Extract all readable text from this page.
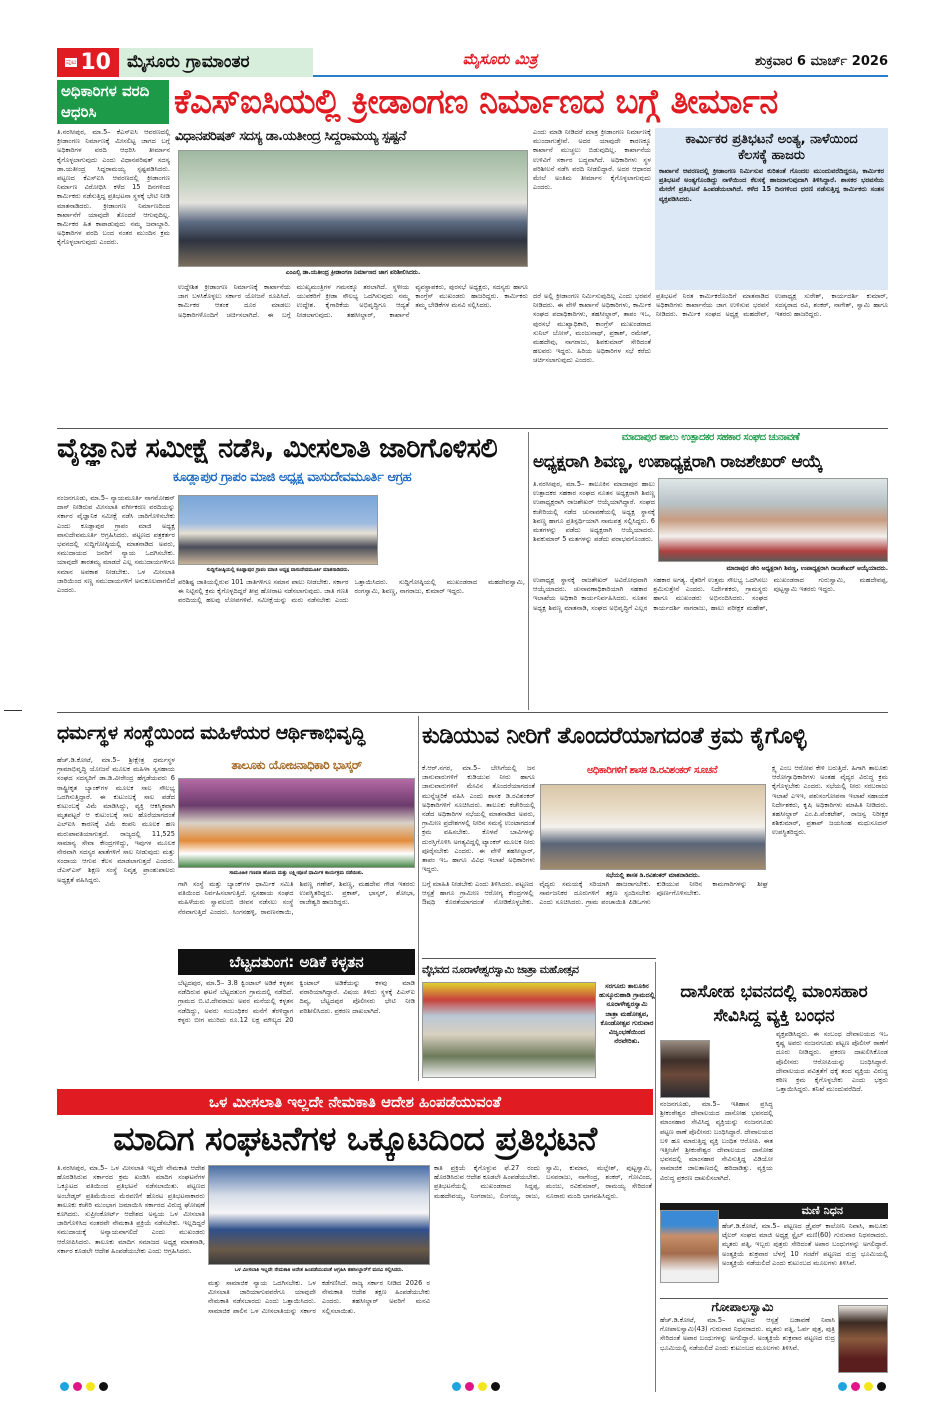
ಪುಟ 10 ಮೈಸೂರು ಗ್ರಾಮಾಂತರ	ಮೈಸೂರು ಮಿತ್ರ	ಶುಕ್ರವಾರ 6 ಮಾರ್ಚ್ 2026
ಅಧಿಕಾರಿಗಳ ವರದಿ ಆಧರಿಸಿ	ಕೆಎಸ್ಐಸಿಯಲ್ಲಿ ಕ್ರೀಡಾಂಗಣ ನಿರ್ಮಾಣದ ಬಗ್ಗೆ ತೀರ್ಮಾನ
ತಿ.ನರಸೀಪುರ, ಮಾ.5– ಕೆಎಸ್ಐಸಿ ಆವರಣದಲ್ಲಿ ಕ್ರೀಡಾಂಗಣ ನಿರ್ಮಾಣಕ್ಕೆ ಮೀಸಲಿಟ್ಟ ಜಾಗದ ಬಗ್ಗೆ ಅಧಿಕಾರಿಗಳ ವರದಿ ಆಧರಿಸಿ ತೀರ್ಮಾನ ಕೈಗೊಳ್ಳಲಾಗುವುದು ಎಂದು ವಿಧಾನಪರಿಷತ್ ಸದಸ್ಯ ಡಾ.ಯತೀಂದ್ರ ಸಿದ್ದರಾಮಯ್ಯ ಸ್ಪಷ್ಟಪಡಿಸಿದರು. ಪಟ್ಟಣದ ಕೆಎಸ್ಐಸಿ ಆವರಣದಲ್ಲಿ ಕ್ರೀಡಾಂಗಣ ನಿರ್ಮಾಣ ವಿರೋಧಿಸಿ ಕಳೆದ 15 ದಿನಗಳಿಂದ ಕಾರ್ಮಿಕರು ನಡೆಸುತ್ತಿದ್ದ ಪ್ರತಿಭಟನಾ ಸ್ಥಳಕ್ಕೆ ಭೇಟಿ ನೀಡಿ ಮಾತನಾಡಿದರು. ಕ್ರೀಡಾಂಗಣ ನಿರ್ಮಾಣದಿಂದ ಕಾರ್ಖಾನೆಗೆ ಯಾವುದೇ ತೊಂದರೆ ಆಗುವುದಿಲ್ಲ. ಕಾರ್ಮಿಕರ ಹಿತ ಕಾಪಾಡುವುದು ನಮ್ಮ ಜವಾಬ್ದಾರಿ. ಅಧಿಕಾರಿಗಳ ವರದಿ ಬಂದ ನಂತರ ಮುಂದಿನ ಕ್ರಮ ಕೈಗೊಳ್ಳಲಾಗುವುದು ಎಂದರು.
ವಿಧಾನಪರಿಷತ್ ಸದಸ್ಯ ಡಾ.ಯತೀಂದ್ರ ಸಿದ್ದರಾಮಯ್ಯ ಸ್ಪಷ್ಟನೆ
ಎಂಎಲ್ಸಿ ಡಾ.ಯತೀಂದ್ರ ಕ್ರೀಡಾಂಗಣ ನಿರ್ಮಾಣದ ಜಾಗ ಪರಿಶೀಲಿಸಿದರು.
ಉದ್ದೇಶಿತ ಕ್ರೀಡಾಂಗಣ ನಿರ್ಮಾಣಕ್ಕೆ ಕಾರ್ಖಾನೆಯ ಜಾಗ ಬಳಸಿಕೊಳ್ಳಲು ಸರ್ಕಾರ ಯೋಜನೆ ರೂಪಿಸಿದೆ. ಕಾರ್ಮಿಕರ ಆತಂಕ ದೂರ ಮಾಡಲು ಅಧಿಕಾರಿಗಳೊಂದಿಗೆ ಚರ್ಚಿಸಲಾಗಿದೆ. ಈ ಬಗ್ಗೆ ಮುಖ್ಯಮಂತ್ರಿಗಳ ಗಮನಕ್ಕೂ ತರಲಾಗಿದೆ. ಸ್ಥಳೀಯ ಯುವಕರಿಗೆ ಕ್ರೀಡಾ ಸೌಲಭ್ಯ ಒದಗಿಸುವುದು ನಮ್ಮ ಉದ್ದೇಶ. ಕೈಗಾರಿಕೆಯ ಅಭಿವೃದ್ಧಿಗೂ ಆದ್ಯತೆ ನೀಡಲಾಗುವುದು. ತಹಸೀಲ್ದಾರ್, ಕಾರ್ಖಾನೆ ವ್ಯವಸ್ಥಾಪಕರು, ಪುರಸಭೆ ಅಧ್ಯಕ್ಷರು, ಸದಸ್ಯರು ಹಾಗೂ ಕಾಂಗ್ರೆಸ್ ಮುಖಂಡರು ಹಾಜರಿದ್ದರು. ಕಾರ್ಮಿಕರು ತಮ್ಮ ಬೇಡಿಕೆಗಳ ಮನವಿ ಸಲ್ಲಿಸಿದರು.
ಎಂದು ಮಾಡಿ ನೀಡಿದರೆ ಮಾತ್ರ ಕ್ರೀಡಾಂಗಣ ನಿರ್ಮಾಣಕ್ಕೆ ಮುಂದಾಗುತ್ತೇವೆ. ಅದರ ಯಾವುದೇ ಕಾರಣಕ್ಕೂ ಕಾರ್ಖಾನೆ ಮುಚ್ಚಲು ಬಿಡುವುದಿಲ್ಲ. ಕಾರ್ಖಾನೆಯ ಉಳಿವಿಗೆ ಸರ್ಕಾರ ಬದ್ಧವಾಗಿದೆ. ಅಧಿಕಾರಿಗಳು ಸ್ಥಳ ಪರಿಶೀಲನೆ ನಡೆಸಿ ವರದಿ ನೀಡಲಿದ್ದಾರೆ. ಅದರ ಆಧಾರದ ಮೇಲೆ ಅಂತಿಮ ತೀರ್ಮಾನ ಕೈಗೊಳ್ಳಲಾಗುವುದು ಎಂದರು.
ಕಾರ್ಮಿಕರ ಪ್ರತಿಭಟನೆ ಅಂತ್ಯ, ನಾಳೆಯಿಂದ ಕೆಲಸಕ್ಕೆ ಹಾಜರು
ಕಾರ್ಖಾನೆ ಆವರಣದಲ್ಲಿ ಕ್ರೀಡಾಂಗಣ ನಿರ್ಮಿಸುವ ಕುರಿತಂತೆ ಗೊಂದಲ ಮುಂದುವರೆದಿದ್ದರೂ, ಕಾರ್ಮಿಕರ ಪ್ರತಿಭಟನೆ ಅಂತ್ಯಗೊಂಡಿದ್ದು ನಾಳೆಯಿಂದ ಕೆಲಸಕ್ಕೆ ಹಾಜರಾಗುವುದಾಗಿ ತಿಳಿಸಿದ್ದಾರೆ. ಶಾಸಕರ ಭರವಸೆಯ ಮೇರೆಗೆ ಪ್ರತಿಭಟನೆ ಹಿಂಪಡೆಯಲಾಗಿದೆ. ಕಳೆದ 15 ದಿನಗಳಿಂದ ಧರಣಿ ನಡೆಸುತ್ತಿದ್ದ ಕಾರ್ಮಿಕರು ಸಂತಸ ವ್ಯಕ್ತಪಡಿಸಿದರು.
ದರೆ ಅಲ್ಲಿ ಕ್ರೀಡಾಂಗಣ ನಿರ್ಮಿಸುವುದಿಲ್ಲ ಎಂದು ಭರವಸೆ ನೀಡಿದರು. ಈ ವೇಳೆ ಕಾರ್ಖಾನೆ ಅಧಿಕಾರಿಗಳು, ಕಾರ್ಮಿಕ ಸಂಘದ ಪದಾಧಿಕಾರಿಗಳು, ತಹಸೀಲ್ದಾರ್, ತಾಪಂ ಇಒ, ಪುರಸಭೆ ಮುಖ್ಯಾಧಿಕಾರಿ, ಕಾಂಗ್ರೆಸ್ ಮುಖಂಡರಾದ ಸುನಿಲ್ ಬೋಸ್, ಮಂಜುನಾಥ್, ಪ್ರಕಾಶ್, ರಮೇಶ್, ಮಹದೇವು, ನಾಗರಾಜು, ಶಿವಕುಮಾರ್ ಸೇರಿದಂತೆ ಹಲವರು ಇದ್ದರು. ಹಿರಿಯ ಅಧಿಕಾರಿಗಳ ಸಭೆ ಕರೆದು ಚರ್ಚಿಸಲಾಗುವುದು ಎಂದರು.
ಪ್ರತಿಭಟನೆ ನಿರತ ಕಾರ್ಮಿಕರೊಂದಿಗೆ ಮಾತನಾಡಿದ ಅಧಿಕಾರಿಗಳು ಕಾರ್ಖಾನೆಯ ಜಾಗ ಉಳಿಸುವ ಭರವಸೆ ನೀಡಿದರು. ಕಾರ್ಮಿಕ ಸಂಘದ ಅಧ್ಯಕ್ಷ ಮಹದೇವ್, ಉಪಾಧ್ಯಕ್ಷ ಸುರೇಶ್, ಕಾರ್ಯದರ್ಶಿ ಕುಮಾರ್, ಸದಸ್ಯರಾದ ರವಿ, ಶಂಕರ್, ನಾಗೇಶ್, ಸ್ವಾಮಿ ಹಾಗೂ ಇತರರು ಹಾಜರಿದ್ದರು.
ವೈಜ್ಞಾನಿಕ ಸಮೀಕ್ಷೆ ನಡೆಸಿ, ಮೀಸಲಾತಿ ಜಾರಿಗೊಳಿಸಲಿ
ಕೂಡ್ಲಾಪುರ ಗ್ರಾಪಂ ಮಾಜಿ ಅಧ್ಯಕ್ಷ ವಾಸುದೇವಮೂರ್ತಿ ಆಗ್ರಹ
ನಂಜನಗೂಡು, ಮಾ.5– ನ್ಯಾಯಮೂರ್ತಿ ನಾಗಮೋಹನ್ ದಾಸ್ ನೀಡಿರುವ ಮೀಸಲಾತಿ ವರ್ಗೀಕರಣ ವರದಿಯನ್ನು ಸರ್ಕಾರ ವೈಜ್ಞಾನಿಕ ಸಮೀಕ್ಷೆ ನಡೆಸಿ ಜಾರಿಗೊಳಿಸಬೇಕು ಎಂದು ಕೂಡ್ಲಾಪುರ ಗ್ರಾಪಂ ಮಾಜಿ ಅಧ್ಯಕ್ಷ ವಾಸುದೇವಮೂರ್ತಿ ಆಗ್ರಹಿಸಿದರು. ಪಟ್ಟಣದ ಪತ್ರಕರ್ತರ ಭವನದಲ್ಲಿ ಸುದ್ದಿಗೋಷ್ಠಿಯಲ್ಲಿ ಮಾತನಾಡಿದ ಅವರು, ಸಮುದಾಯದ ಜನರಿಗೆ ನ್ಯಾಯ ಒದಗಿಸಬೇಕು. ಯಾವುದೇ ತಾರತಮ್ಯ ಮಾಡದೆ ಎಲ್ಲ ಸಮುದಾಯಗಳಿಗೂ ಸಮಾನ ಅವಕಾಶ ನೀಡಬೇಕು. ಒಳ ಮೀಸಲಾತಿ ಜಾರಿಯಿಂದ ಸಣ್ಣ ಸಮುದಾಯಗಳಿಗೆ ಅನುಕೂಲವಾಗಲಿದೆ ಎಂದರು.
ಸುದ್ದಿಗೋಷ್ಠಿಯಲ್ಲಿ ಕೂಡ್ಲಾಪುರ ಗ್ರಾಪಂ ಮಾಜಿ ಅಧ್ಯಕ್ಷ ವಾಸುದೇವಮೂರ್ತಿ ಮಾತನಾಡಿದರು.
ಪರಿಶಿಷ್ಟ ಜಾತಿಯಲ್ಲಿರುವ 101 ಜಾತಿಗಳಿಗೂ ಸಮಾನ ಪಾಲು ನೀಡಬೇಕು. ಸರ್ಕಾರ ಈ ನಿಟ್ಟಿನಲ್ಲಿ ಕ್ರಮ ಕೈಗೊಳ್ಳದಿದ್ದರೆ ತೀವ್ರ ಹೋರಾಟ ನಡೆಸಲಾಗುವುದು. ಜಾತಿ ಗಣತಿ ವರದಿಯಲ್ಲಿ ಹಲವು ಲೋಪಗಳಿವೆ. ಸಮೀಕ್ಷೆಯನ್ನು ಮರು ನಡೆಸಬೇಕು ಎಂದು ಒತ್ತಾಯಿಸಿದರು. ಸುದ್ದಿಗೋಷ್ಠಿಯಲ್ಲಿ ಮುಖಂಡರಾದ ಮಹದೇವಸ್ವಾಮಿ, ರಂಗಸ್ವಾಮಿ, ಶಿವಣ್ಣ, ನಾಗರಾಜು, ಕುಮಾರ್ ಇದ್ದರು.
ಮಾದಾಪುರ ಹಾಲು ಉತ್ಪಾದಕರ ಸಹಕಾರ ಸಂಘದ ಚುನಾವಣೆ
ಅಧ್ಯಕ್ಷರಾಗಿ ಶಿವಣ್ಣ, ಉಪಾಧ್ಯಕ್ಷರಾಗಿ ರಾಜಶೇಖರ್ ಆಯ್ಕೆ
ತಿ.ನರಸೀಪುರ, ಮಾ.5– ತಾಲೂಕಿನ ಮಾದಾಪುರ ಹಾಲು ಉತ್ಪಾದಕರ ಸಹಕಾರ ಸಂಘದ ನೂತನ ಅಧ್ಯಕ್ಷರಾಗಿ ಶಿವಣ್ಣ ಉಪಾಧ್ಯಕ್ಷರಾಗಿ ರಾಜಶೇಖರ್ ಆಯ್ಕೆಯಾಗಿದ್ದಾರೆ. ಸಂಘದ ಕಚೇರಿಯಲ್ಲಿ ನಡೆದ ಚುನಾವಣೆಯಲ್ಲಿ ಅಧ್ಯಕ್ಷ ಸ್ಥಾನಕ್ಕೆ ಶಿವಣ್ಣ ಹಾಗೂ ಪ್ರತಿಸ್ಪರ್ಧಿಯಾಗಿ ನಾಮಪತ್ರ ಸಲ್ಲಿಸಿದ್ದರು. 6 ಮತಗಳನ್ನು ಪಡೆದು ಅಧ್ಯಕ್ಷರಾಗಿ ಆಯ್ಕೆಯಾದರು. ಶಿವಕುಮಾರ್ 5 ಮತಗಳನ್ನು ಪಡೆದು ಪರಾಭವಗೊಂಡರು.
ಮಾದಾಪುರ ಡೇರಿ ಅಧ್ಯಕ್ಷರಾಗಿ ಶಿವಣ್ಣ, ಉಪಾಧ್ಯಕ್ಷರಾಗಿ ರಾಜಶೇಖರ್ ಆಯ್ಕೆಯಾದರು.
ಉಪಾಧ್ಯಕ್ಷ ಸ್ಥಾನಕ್ಕೆ ರಾಜಶೇಖರ್ ಅವಿರೋಧವಾಗಿ ಆಯ್ಕೆಯಾದರು. ಚುನಾವಣಾಧಿಕಾರಿಯಾಗಿ ಸಹಕಾರ ಇಲಾಖೆಯ ಅಧಿಕಾರಿ ಕಾರ್ಯನಿರ್ವಹಿಸಿದರು. ನೂತನ ಅಧ್ಯಕ್ಷ ಶಿವಣ್ಣ ಮಾತನಾಡಿ, ಸಂಘದ ಅಭಿವೃದ್ಧಿಗೆ ಎಲ್ಲರ ಸಹಕಾರ ಅಗತ್ಯ. ರೈತರಿಗೆ ಉತ್ತಮ ಸೌಲಭ್ಯ ಒದಗಿಸಲು ಶ್ರಮಿಸುತ್ತೇನೆ ಎಂದರು. ನಿರ್ದೇಶಕರು, ಗ್ರಾಮಸ್ಥರು ಹಾಗೂ ಮುಖಂಡರು ಅಭಿನಂದಿಸಿದರು. ಸಂಘದ ಕಾರ್ಯದರ್ಶಿ ನಾಗರಾಜು, ಹಾಲು ಪರೀಕ್ಷಕ ಮಹೇಶ್, ಮುಖಂಡರಾದ ಗುರುಸ್ವಾಮಿ, ಮಹದೇವಪ್ಪ, ಪುಟ್ಟಸ್ವಾಮಿ ಇತರರು ಇದ್ದರು.
ಧರ್ಮಸ್ಥಳ ಸಂಸ್ಥೆಯಿಂದ ಮಹಿಳೆಯರ ಆರ್ಥಿಕಾಭಿವೃದ್ಧಿ
ಹೆಚ್.ಡಿ.ಕೋಟೆ, ಮಾ.5– ಶ್ರೀಕ್ಷೇತ್ರ ಧರ್ಮಸ್ಥಳ ಗ್ರಾಮಾಭಿವೃದ್ಧಿ ಯೋಜನೆ ಮೂಲಕ ಮಹಿಳಾ ಸ್ವಸಹಾಯ ಸಂಘದ ಸದಸ್ಯರಿಗೆ ಡಾ.ಡಿ.ವೀರೇಂದ್ರ ಹೆಗ್ಗಡೆಯವರು 6 ರಾಷ್ಟ್ರೀಕೃತ ಬ್ಯಾಂಕ್‌ಗಳ ಮೂಲಕ ಸಾಲ ಸೌಲಭ್ಯ ಒದಗಿಸುತ್ತಿದ್ದಾರೆ. ಈ ಕುಟುಂಬಕ್ಕೆ ಸಾಲ ಪಡೆದ ಕುಟುಂಬಕ್ಕೆ ವಿಮೆ ಮಾಡಿಸಿದ್ದು, ವ್ಯಕ್ತಿ ಆಕಸ್ಮಿಕವಾಗಿ ಮೃತಪಟ್ಟರೆ ಆ ಕುಟುಂಬಕ್ಕೆ ಸಾಲ ಹೊರೆಯಾಗದಂತೆ ಎಲ್ಐಸಿ ಕಾರಣಕ್ಕೆ ವಿಮೆ ಕಂಪನಿ ಮೂಲಕ ಹಣ ಮರುಪಾವತಿಯಾಗುತ್ತದೆ. ರಾಜ್ಯದಲ್ಲಿ 11,525 ಸಾಮಾನ್ಯ ಸೇವಾ ಕೇಂದ್ರಗಳಿದ್ದು, ಇವುಗಳ ಮೂಲಕ ನೇರವಾಗಿ ಸದಸ್ಯರ ಖಾತೆಗಳಿಗೆ ಸಾಲ ನೀಡುವುದು ಮತ್ತು ಸಂದಾಯ ಆಗುವ ಕೆಲಸ ಮಾಡಲಾಗುತ್ತದೆ ಎಂದರು. ಜೆಎಸ್ಎಸ್ ಶಿಕ್ಷಣ ಸಂಸ್ಥೆ ನಿವೃತ್ತ ಪ್ರಾಂಶುಪಾಲರು ಅಧ್ಯಕ್ಷತೆ ವಹಿಸಿದ್ದರು.
ತಾಲೂಕು ಯೋಜನಾಧಿಕಾರಿ ಭಾಸ್ಕರ್
ಸಾಮೂಹಿಕ ಗಣಪತಿ ಹೋಮ ಮತ್ತು ಲಕ್ಷ್ಮೀಪೂಜೆ ಧಾರ್ಮಿಕ ಕಾರ್ಯಕ್ರಮ ನಡೆಯಿತು.
ಗಾಗಿ ಸಂಸ್ಥೆ ಮತ್ತು ಬ್ಯಾಂಕ್‌ಗಳ ಧಾರ್ಮಿಕ ಸಮಿತಿ ವತಿಯಿಂದ ನಿರ್ವಹಿಸಲಾಗುತ್ತಿದೆ. ಸ್ವಸಹಾಯ ಸಂಘದ ಮಹಿಳೆಯರು ಸ್ವಾವಲಂಬಿ ಜೀವನ ನಡೆಸಲು ಸಂಸ್ಥೆ ನೆರವಾಗುತ್ತಿದೆ ಎಂದರು. ಸಿಂಗನಹಳ್ಳಿ, ರಾವಣನಕಾಯಿ, ಶಿವಣ್ಣ ಗಣೇಶ್, ಶಿವಣ್ಣ, ಮಹದೇವ ಗೌಡ ಇತರರು ಉಪಸ್ಥಿತರಿದ್ದರು. ಪ್ರಕಾಶ್, ಭಾಸ್ಕರ್, ಶೋಭಾ, ರಾಜೇಶ್ವರಿ ಹಾಜರಿದ್ದರು.
ಬೆಟ್ಟದತುಂಗ: ಅಡಿಕೆ ಕಳ್ಳತನ
ಬೆಟ್ಟದಪುರ, ಮಾ.5– 3.8 ಕ್ವಿಂಟಾಲ್ ಅಡಿಕೆ ಕಳ್ಳತನ ನಡೆದಿರುವ ಘಟನೆ ಬೆಟ್ಟದತುಂಗ ಗ್ರಾಮದಲ್ಲಿ ನಡೆದಿದೆ. ಗ್ರಾಮದ ಬಿ.ಟಿ.ದೇವರಾಜು ಅವರ ಮನೆಯಲ್ಲಿ ಕಳ್ಳತನ ನಡೆದಿದ್ದು, ಅವರು ಸಂಬಂಧಿಕರ ಮನೆಗೆ ತೆರಳಿದ್ದಾಗ ಕಳ್ಳರು ಬೀಗ ಮುರಿದು ರೂ.12 ಲಕ್ಷ ಮೌಲ್ಯದ 20 ಕ್ವಿಂಟಾಲ್ ಅಡಿಕೆಯನ್ನು ಕಳವು ಮಾಡಿ ಪರಾರಿಯಾಗಿದ್ದಾರೆ. ವಿಷಯ ತಿಳಿದು ಸ್ಥಳಕ್ಕೆ ಪಿಎಸ್ಐ ದಿವ್ಯ, ಬೆಟ್ಟದಪುರ ಪೊಲೀಸರು ಭೇಟಿ ನೀಡಿ ಪರಿಶೀಲಿಸಿದರು. ಪ್ರಕರಣ ದಾಖಲಾಗಿದೆ.
ಕುಡಿಯುವ ನೀರಿಗೆ ತೊಂದರೆಯಾಗದಂತೆ ಕ್ರಮ ಕೈಗೊಳ್ಳಿ
ಕೆ.ಆರ್.ನಗರ, ಮಾ.5– ಬೇಸಿಗೆಯಲ್ಲಿ ಜನ ಜಾನುವಾರುಗಳಿಗೆ ಕುಡಿಯುವ ನೀರು ಹಾಗೂ ಜಾನುವಾರುಗಳಿಗೆ ಮೇವಿನ ತೊಂದರೆಯಾಗದಂತೆ ಮುನ್ನೆಚ್ಚರಿಕೆ ವಹಿಸಿ ಎಂದು ಶಾಸಕ ಡಿ.ರವಿಶಂಕರ್ ಅಧಿಕಾರಿಗಳಿಗೆ ಸೂಚಿಸಿದರು. ತಾಲೂಕು ಕಚೇರಿಯಲ್ಲಿ ನಡೆದ ಅಧಿಕಾರಿಗಳ ಸಭೆಯಲ್ಲಿ ಮಾತನಾಡಿದ ಅವರು, ಗ್ರಾಮೀಣ ಪ್ರದೇಶಗಳಲ್ಲಿ ನೀರಿನ ಸಮಸ್ಯೆ ಉಂಟಾಗದಂತೆ ಕ್ರಮ ವಹಿಸಬೇಕು. ಕೊಳವೆ ಬಾವಿಗಳನ್ನು ದುರಸ್ತಿಗೊಳಿಸಿ ಅಗತ್ಯವಿದ್ದಲ್ಲಿ ಟ್ಯಾಂಕರ್ ಮೂಲಕ ನೀರು ಪೂರೈಸಬೇಕು ಎಂದರು. ಈ ವೇಳೆ ತಹಸೀಲ್ದಾರ್, ತಾಪಂ ಇಒ ಹಾಗೂ ವಿವಿಧ ಇಲಾಖೆ ಅಧಿಕಾರಿಗಳು ಇದ್ದರು.
ಅಧಿಕಾರಿಗಳಿಗೆ ಶಾಸಕ ಡಿ.ರವಿಶಂಕರ್ ಸೂಚನೆ
ಸಭೆಯಲ್ಲಿ ಶಾಸಕ ಡಿ.ರವಿಶಂಕರ್ ಮಾತನಾಡಿದರು.
ಬಗ್ಗೆ ಮಾಹಿತಿ ನೀಡಬೇಕು ಎಂದು ತಿಳಿಸಿದರು. ಪಟ್ಟಣದ ಆಸ್ಪತ್ರೆ ಹಾಗೂ ಗ್ರಾಮೀಣ ಆರೋಗ್ಯ ಕೇಂದ್ರಗಳಲ್ಲಿ ಔಷಧಿ ಕೊರತೆಯಾಗದಂತೆ ನೋಡಿಕೊಳ್ಳಬೇಕು. ವೈದ್ಯರು ಸಮಯಕ್ಕೆ ಸರಿಯಾಗಿ ಹಾಜರಾಗಬೇಕು. ಸಾರ್ವಜನಿಕರ ದೂರುಗಳಿಗೆ ತಕ್ಷಣ ಸ್ಪಂದಿಸಬೇಕು ಎಂದು ಸೂಚಿಸಿದರು. ಗ್ರಾಮ ಪಂಚಾಯಿತಿ ಪಿಡಿಒಗಳು ಕುಡಿಯುವ ನೀರಿನ ಕಾಮಗಾರಿಗಳನ್ನು ಶೀಘ್ರ ಪೂರ್ಣಗೊಳಿಸಬೇಕು.
ಕ್ಷ್ಯ ಎಂಬ ಆರೋಪ ಕೇಳಿ ಬರುತ್ತಿದೆ. ಹಿಗಾಗಿ ತಾಲೂಕು ಆರೋಗ್ಯಾಧಿಕಾರಿಗಳು ಅಂತಹ ವೈದ್ಯರ ವಿರುದ್ಧ ಕ್ರಮ ಕೈಗೊಳ್ಳಬೇಕು ಎಂದರು. ಸಭೆಯಲ್ಲಿ ನೀರು ಸರಬರಾಜು ಇಲಾಖೆ ಎಇಇ, ಪಶುಸಂಗೋಪನಾ ಇಲಾಖೆ ಸಹಾಯಕ ನಿರ್ದೇಶಕರು, ಕೃಷಿ ಅಧಿಕಾರಿಗಳು ಮಾಹಿತಿ ನೀಡಿದರು. ತಹಸೀಲ್ದಾರ್ ಎಂ.ಪಿ.ವೆಂಕಟೇಶ್, ರಾಜಸ್ವ ನಿರೀಕ್ಷಕ ಶಶಿಕುಮಾರ್, ಪ್ರತಾಪ್ ಜಯಸಿಂಹ ಮಧುಸೂದನ್ ಉಪಸ್ಥಿತರಿದ್ದರು.
ವೈಭವದ ನೂರಾಳೇಶ್ವರಸ್ವಾಮಿ ಜಾತ್ರಾ ಮಹೋತ್ಸವ
ಸರಗೂರು ತಾಲೂಕಿನ ಹುಸ್ಕೂರುಹಾಡಿ ಗ್ರಾಮದಲ್ಲಿ ನೂರಾಳೇಶ್ವರಸ್ವಾಮಿ ಜಾತ್ರಾ ಮಹೋತ್ಸವ, ಕೊಂಡೋತ್ಸವ ಗುರುವಾರ ವಿಜೃಂಭಣೆಯಿಂದ ನೆರವೇರಿತು.
ದಾಸೋಹ ಭವನದಲ್ಲಿ ಮಾಂಸಹಾರ ಸೇವಿಸಿದ್ದ ವ್ಯಕ್ತಿ ಬಂಧನ
ನಂಜನಗೂಡು, ಮಾ.5– ಇತಿಹಾಸ ಪ್ರಸಿದ್ಧ ಶ್ರೀಕಂಠೇಶ್ವರ ದೇವಾಲಯದ ದಾಸೋಹ ಭವನದಲ್ಲಿ ಮಾಂಸಹಾರ ಸೇವಿಸಿದ್ದ ವ್ಯಕ್ತಿಯನ್ನು ನಂಜನಗೂಡು ಪಟ್ಟಣ ಠಾಣೆ ಪೊಲೀಸರು ಬಂಧಿಸಿದ್ದಾರೆ. ದೇವಾಲಯದ ಬಳಿ ಹೂ ಮಾರುತ್ತಿದ್ದ ವ್ಯಕ್ತಿ ಬಂಧಿತ ಆರೋಪಿ. ಈತ ಇತ್ತೀಚೆಗೆ ಶ್ರೀಕಂಠೇಶ್ವರ ದೇವಾಲಯದ ದಾಸೋಹ ಭವನದಲ್ಲಿ ಮಾಂಸಹಾರ ಸೇವಿಸುತ್ತಿದ್ದ ವಿಡಿಯೋ ಸಾಮಾಜಿಕ ಜಾಲತಾಣದಲ್ಲಿ ಹರಿದಾಡಿತ್ತು. ವ್ಯಕ್ತಿಯ ವಿರುದ್ಧ ಪ್ರಕರಣ ದಾಖಲಿಸಲಾಗಿದೆ.
ವ್ಯಕ್ತಪಡಿಸಿದ್ದರು. ಈ ಸಂಬಂಧ ದೇವಾಲಯದ ಇಒ ಕೃಷ್ಣ ಅವರು ನಂಜನಗೂಡು ಪಟ್ಟಣ ಪೊಲೀಸ್ ಠಾಣೆಗೆ ದೂರು ನೀಡಿದ್ದರು. ಪ್ರಕರಣ ದಾಖಲಿಸಿಕೊಂಡ ಪೊಲೀಸರು ಆರೋಪಿಯನ್ನು ಬಂಧಿಸಿದ್ದಾರೆ. ದೇವಾಲಯದ ಪವಿತ್ರತೆಗೆ ಧಕ್ಕೆ ತಂದ ವ್ಯಕ್ತಿಯ ವಿರುದ್ಧ ಕಠಿಣ ಕ್ರಮ ಕೈಗೊಳ್ಳಬೇಕು ಎಂದು ಭಕ್ತರು ಒತ್ತಾಯಿಸಿದ್ದರು. ತನಿಖೆ ಮುಂದುವರೆದಿದೆ.
ಒಳ ಮೀಸಲಾತಿ ಇಲ್ಲದೇ ನೇಮಕಾತಿ ಆದೇಶ ಹಿಂಪಡೆಯುವಂತೆ
ಮಾದಿಗ ಸಂಘಟನೆಗಳ ಒಕ್ಕೂಟದಿಂದ ಪ್ರತಿಭಟನೆ
ತಿ.ನರಸೀಪುರ, ಮಾ.5– ಒಳ ಮೀಸಲಾತಿ ಇಲ್ಲದೇ ನೇಮಕಾತಿ ಆದೇಶ ಹೊರಡಿಸಿರುವ ಸರ್ಕಾರದ ಕ್ರಮ ಖಂಡಿಸಿ ಮಾದಿಗ ಸಂಘಟನೆಗಳ ಒಕ್ಕೂಟದ ವತಿಯಿಂದ ಪ್ರತಿಭಟನೆ ನಡೆಸಲಾಯಿತು. ಪಟ್ಟಣದ ಅಂಬೇಡ್ಕರ್ ಪ್ರತಿಮೆಯಿಂದ ಮೆರವಣಿಗೆ ಹೊರಟ ಪ್ರತಿಭಟನಾಕಾರರು ತಾಲೂಕು ಕಚೇರಿ ಮುಂಭಾಗ ಜಮಾಯಿಸಿ ಸರ್ಕಾರದ ವಿರುದ್ಧ ಘೋಷಣೆ ಕೂಗಿದರು. ಸುಪ್ರೀಂಕೋರ್ಟ್ ಆದೇಶದ ಅನ್ವಯ ಒಳ ಮೀಸಲಾತಿ ಜಾರಿಗೊಳಿಸಿದ ನಂತರವೇ ನೇಮಕಾತಿ ಪ್ರಕ್ರಿಯೆ ನಡೆಸಬೇಕು. ಇಲ್ಲದಿದ್ದರೆ ಸಮುದಾಯಕ್ಕೆ ಅನ್ಯಾಯವಾಗಲಿದೆ ಎಂದು ಮುಖಂಡರು ಆರೋಪಿಸಿದರು. ತಾಲೂಕು ಮಾದಿಗ ಸಮಾಜದ ಅಧ್ಯಕ್ಷ ಮಾತನಾಡಿ, ಸರ್ಕಾರ ಕೂಡಲೇ ಆದೇಶ ಹಿಂಪಡೆಯಬೇಕು ಎಂದು ಆಗ್ರಹಿಸಿದರು.
ಒಳ ಮೀಸಲಾತಿ ಇಲ್ಲದೇ ನೇಮಕಾತಿ ಆದೇಶ ಹಿಂಪಡೆಯುವಂತೆ ಆಗ್ರಹಿಸಿ ತಹಸೀಲ್ದಾರ್‌ಗೆ ಮನವಿ ಸಲ್ಲಿಸಿದರು.
ಮತ್ತು ಸಾಮಾಜಿಕ ನ್ಯಾಯ ಒದಗಿಸಬೇಕು. ಒಳ ಮೀಸಲಾತಿ ಜಾರಿಯಾಗುವವರೆಗೂ ಯಾವುದೇ ನೇಮಕಾತಿ ನಡೆಸಬಾರದು ಎಂದು ಒತ್ತಾಯಿಸಿದರು. ಸಾಮಾಜಿಕ ಪಾಲಿನ ಒಳ ಮೀಸಲಾತಿಯನ್ನು ಸರ್ಕಾರ ಕಡೆಗಣಿಸಿದೆ. ರಾಜ್ಯ ಸರ್ಕಾರ ನೀಡಿದ 2026 ರ ನೇಮಕಾತಿ ಆದೇಶ ತಕ್ಷಣ ಹಿಂಪಡೆಯಬೇಕು ಎಂದರು. ತಹಸೀಲ್ದಾರ್ ಅವರಿಗೆ ಮನವಿ ಸಲ್ಲಿಸಲಾಯಿತು.
ಕಾತಿ ಪ್ರಕ್ರಿಯೆ ಕೈಗೊಳ್ಳುವ ಫೆ.27 ರಂದು ಹೊರಡಿಸಿರುವ ಆದೇಶ ಕೂಡಲೇ ಹಿಂಪಡೆಯಬೇಕು. ಪ್ರತಿಭಟನೆಯಲ್ಲಿ ಮುಖಂಡರಾದ ಸಿದ್ದಪ್ಪ, ಮಹದೇವಯ್ಯ, ನಿಂಗರಾಜು, ಲಿಂಗಯ್ಯ, ರಾಜು, ಸ್ವಾಮಿ, ಕುಮಾರ, ಮಲ್ಲೇಶ್, ಪುಟ್ಟಸ್ವಾಮಿ, ಬಸವರಾಜು, ನಾಗೇಂದ್ರ, ಶಂಕರ್, ಗೋವಿಂದ, ಮಂಜು, ರವಿಕುಮಾರ್, ರಾಮಯ್ಯ ಸೇರಿದಂತೆ ನೂರಾರು ಮಂದಿ ಭಾಗವಹಿಸಿದ್ದರು.
ಮಣಿ ನಿಧನ
ಹೆಚ್.ಡಿ.ಕೋಟೆ, ಮಾ.5– ಪಟ್ಟಣದ ಡ್ರೈವರ್ ಕಾಲೋನಿ ನಿವಾಸಿ, ತಾಲೂಕು ಟೈಲರ್ ಸಂಘದ ಮಾಜಿ ಅಧ್ಯಕ್ಷ ಸ್ಟೈಲ್ ಮಣಿ(60) ಗುರುವಾರ ನಿಧನರಾದರು. ಮೃತರು ಪತ್ನಿ, ಇಬ್ಬರು ಪುತ್ರರು ಸೇರಿದಂತೆ ಅಪಾರ ಬಂಧುಗಳನ್ನು ಅಗಲಿದ್ದಾರೆ. ಅಂತ್ಯಕ್ರಿಯೆ ಶುಕ್ರವಾರ ಬೆಳಗ್ಗೆ 10 ಗಂಟೆಗೆ ಪಟ್ಟಣದ ರುದ್ರ ಭೂಮಿಯಲ್ಲಿ ಅಂತ್ಯಕ್ರಿಯೆ ನಡೆಯಲಿದೆ ಎಂದು ಕುಟುಂಬದ ಮೂಲಗಳು ತಿಳಿಸಿವೆ.
ಗೋಪಾಲಸ್ವಾಮಿ
ಹೆಚ್.ಡಿ.ಕೋಟೆ, ಮಾ.5– ಪಟ್ಟಣದ ಆಸ್ಪತ್ರೆ ಬಡಾವಣೆ ನಿವಾಸಿ ಗೋಪಾಲಸ್ವಾಮಿ(43) ಗುರುವಾರ ನಿಧನರಾದರು. ಮೃತರು ಪತ್ನಿ, ಓರ್ವ ಪುತ್ರ, ಪುತ್ರಿ ಸೇರಿದಂತೆ ಅಪಾರ ಬಂಧುಗಳನ್ನು ಅಗಲಿದ್ದಾರೆ. ಅಂತ್ಯಕ್ರಿಯೆ ಶುಕ್ರವಾರ ಪಟ್ಟಣದ ರುದ್ರ ಭೂಮಿಯಲ್ಲಿ ನಡೆಯಲಿದೆ ಎಂದು ಕುಟುಂಬದ ಮೂಲಗಳು ತಿಳಿಸಿವೆ.
